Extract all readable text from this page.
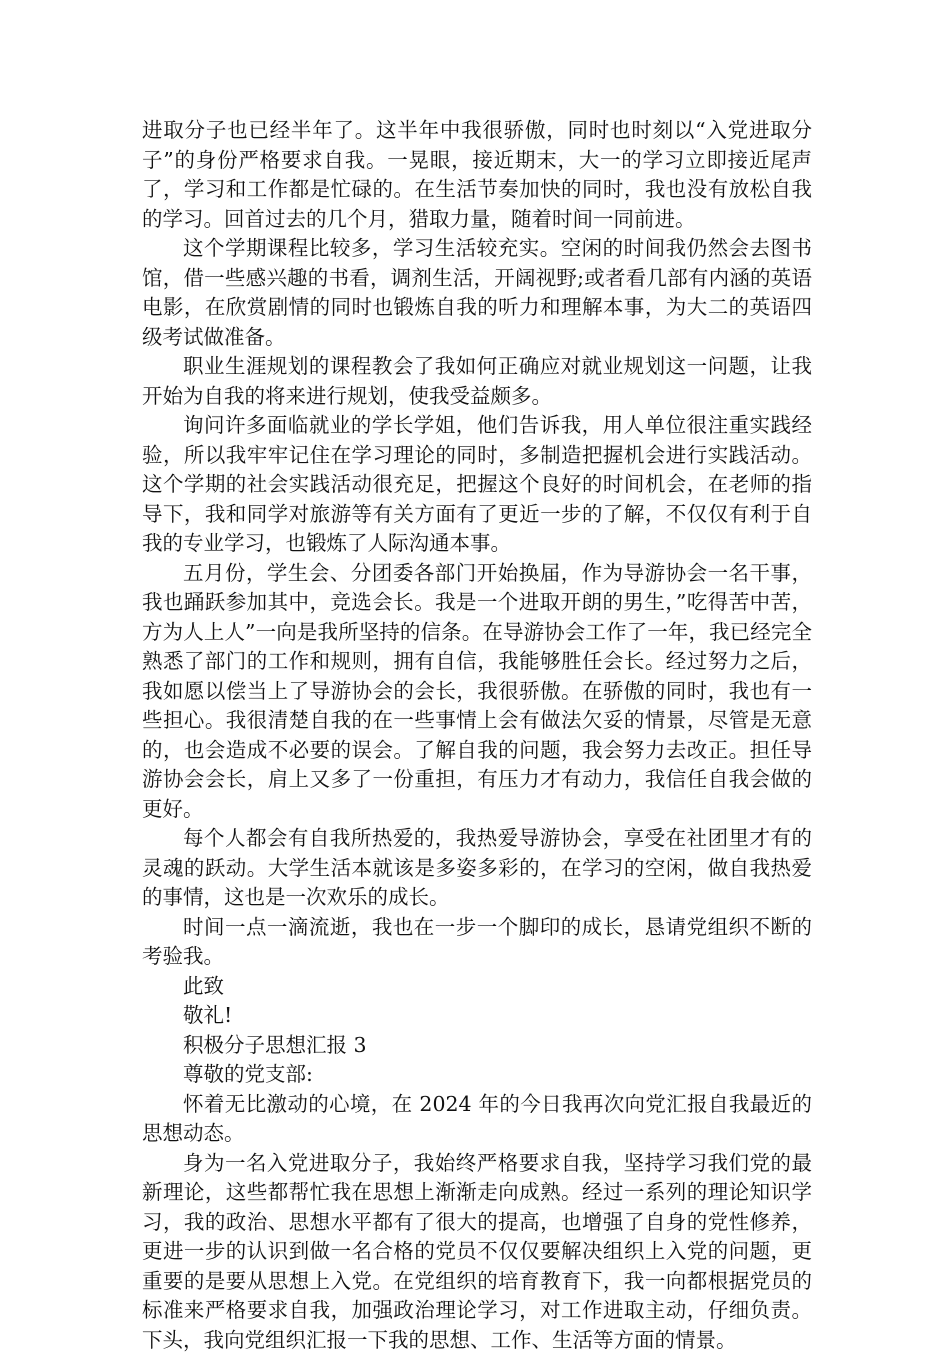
进取分子也已经半年了。这半年中我很骄傲，同时也时刻以“入党进取分子”的身份严格要求自我。一晃眼，接近期末，大一的学习立即接近尾声了，学习和工作都是忙碌的。在生活节奏加快的同时，我也没有放松自我的学习。回首过去的几个月，猎取力量，随着时间一同前进。

这个学期课程比较多，学习生活较充实。空闲的时间我仍然会去图书馆，借一些感兴趣的书看，调剂生活，开阔视野;或者看几部有内涵的英语电影，在欣赏剧情的同时也锻炼自我的听力和理解本事，为大二的英语四级考试做准备。

职业生涯规划的课程教会了我如何正确应对就业规划这一问题，让我开始为自我的将来进行规划，使我受益颇多。

询问许多面临就业的学长学姐，他们告诉我，用人单位很注重实践经验，所以我牢牢记住在学习理论的同时，多制造把握机会进行实践活动。这个学期的社会实践活动很充足，把握这个良好的时间机会，在老师的指导下，我和同学对旅游等有关方面有了更近一步的了解，不仅仅有利于自我的专业学习，也锻炼了人际沟通本事。

五月份，学生会、分团委各部门开始换届，作为导游协会一名干事，我也踊跃参加其中，竞选会长。我是一个进取开朗的男生，”吃得苦中苦，方为人上人”一向是我所坚持的信条。在导游协会工作了一年，我已经完全熟悉了部门的工作和规则，拥有自信，我能够胜任会长。经过努力之后，我如愿以偿当上了导游协会的会长，我很骄傲。在骄傲的同时，我也有一些担心。我很清楚自我的在一些事情上会有做法欠妥的情景，尽管是无意的，也会造成不必要的误会。了解自我的问题，我会努力去改正。担任导游协会会长，肩上又多了一份重担，有压力才有动力，我信任自我会做的更好。

每个人都会有自我所热爱的，我热爱导游协会，享受在社团里才有的灵魂的跃动。大学生活本就该是多姿多彩的，在学习的空闲，做自我热爱的事情，这也是一次欢乐的成长。

时间一点一滴流逝，我也在一步一个脚印的成长，恳请党组织不断的考验我。

此致

敬礼!

积极分子思想汇报 3

尊敬的党支部:

怀着无比激动的心境，在 2024 年的今日我再次向党汇报自我最近的思想动态。

身为一名入党进取分子，我始终严格要求自我，坚持学习我们党的最新理论，这些都帮忙我在思想上渐渐走向成熟。经过一系列的理论知识学习，我的政治、思想水平都有了很大的提高，也增强了自身的党性修养，更进一步的认识到做一名合格的党员不仅仅要解决组织上入党的问题，更重要的是要从思想上入党。在党组织的培育教育下，我一向都根据党员的标准来严格要求自我，加强政治理论学习，对工作进取主动，仔细负责。下头，我向党组织汇报一下我的思想、工作、生活等方面的情景。
